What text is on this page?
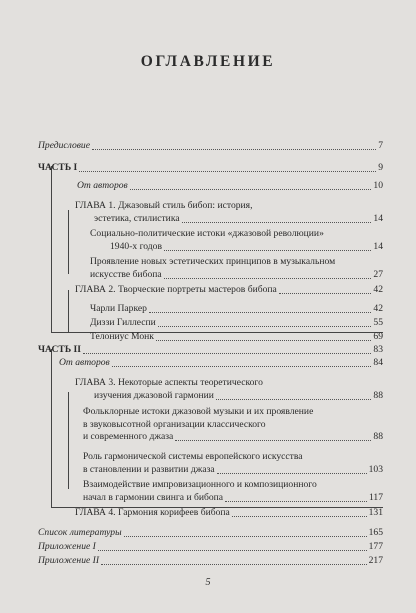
ОГЛАВЛЕНИЕ
Предисловие	7
ЧАСТЬ I	9
От авторов	10
ГЛАВА 1. Джазовый стиль бибоп: история,
эстетика, стилистика	14
Социально-политические истоки «джазовой революции»
1940-х годов	14
Проявление новых эстетических принципов в музыкальном
искусстве бибопа	27
ГЛАВА 2. Творческие портреты мастеров бибопа	42
Чарли Паркер	42
Диззи Гиллеспи	55
Телониус Монк	69
ЧАСТЬ II	83
От авторов	84
ГЛАВА 3. Некоторые аспекты теоретического
изучения джазовой гармонии	88
Фольклорные истоки джазовой музыки и их проявление
в звуковысотной организации классического
и современного джаза	88
Роль гармонической системы европейского искусства
в становлении и развитии джаза	103
Взаимодействие импровизационного и композиционного
начал в гармонии свинга и бибопа	117
ГЛАВА 4. Гармония корифеев бибопа	131
Список литературы	165
Приложение I	177
Приложение II	217
5
